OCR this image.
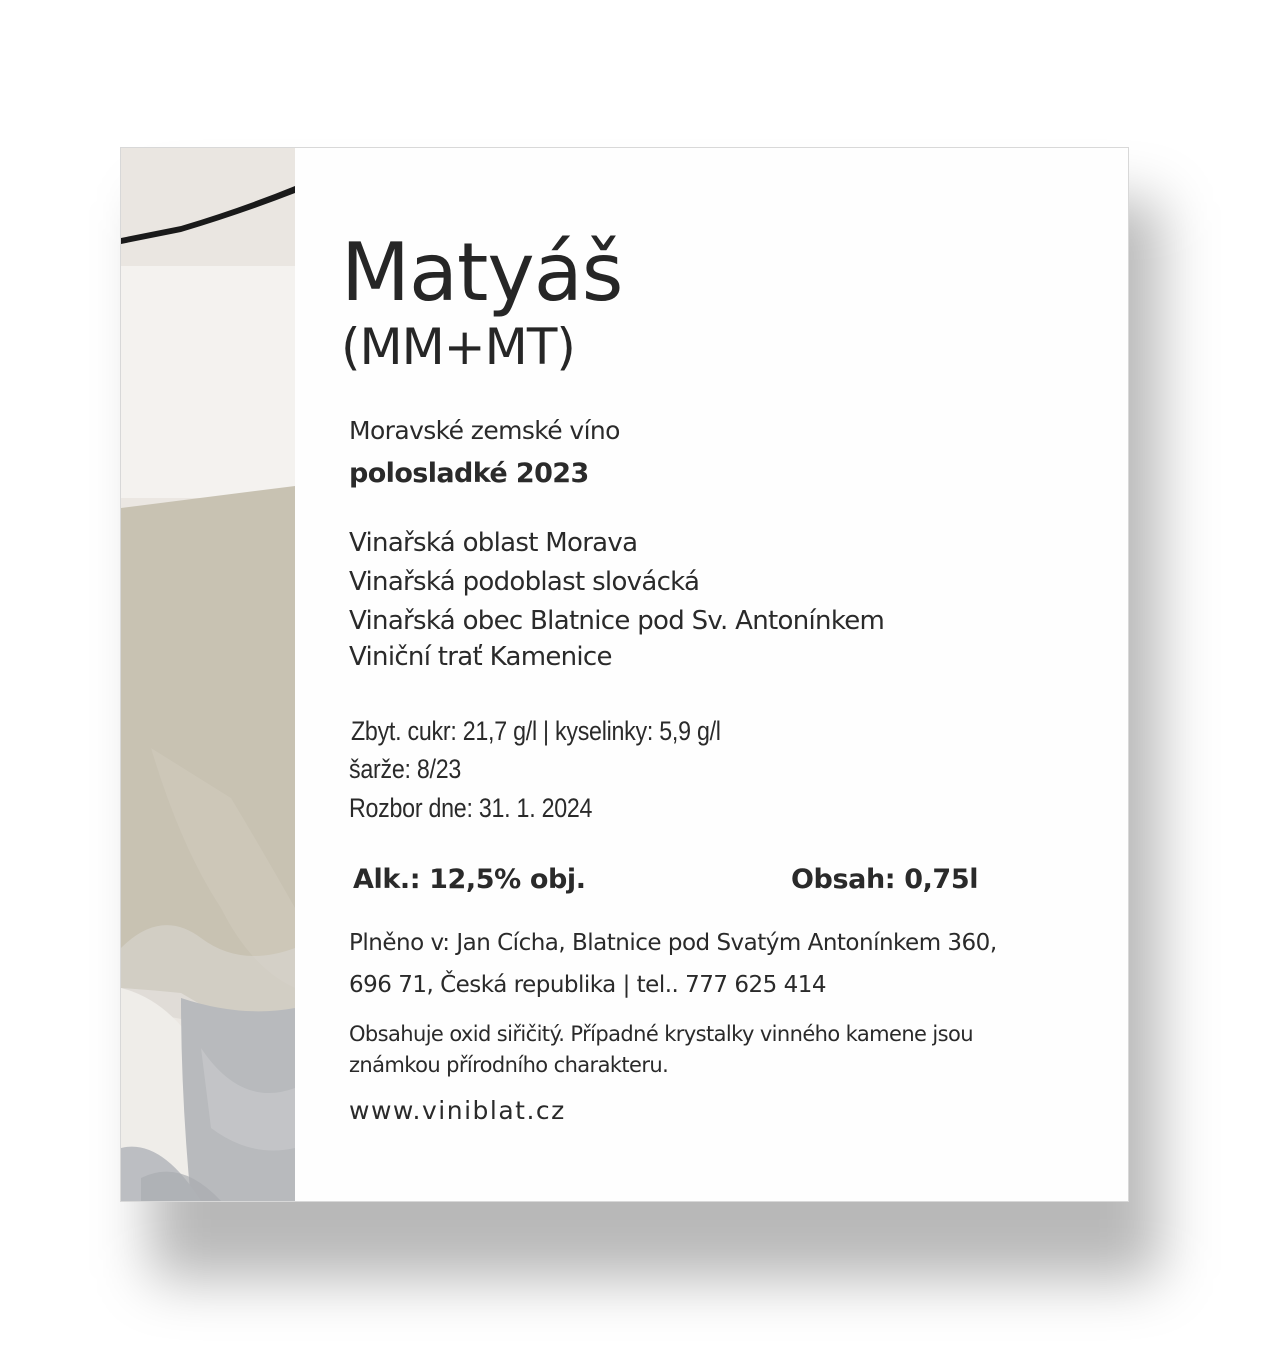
Matyáš
(MM+MT)
Moravské zemské víno
polosladké 2023
Vinařská oblast Morava
Vinařská podoblast slovácká
Vinařská obec Blatnice pod Sv. Antonínkem
Viniční trať Kamenice
Zbyt. cukr: 21,7 g/l | kyselinky: 5,9 g/l
šarže: 8/23
Rozbor dne: 31. 1. 2024
Alk.: 12,5% obj.	Obsah: 0,75l
Plněno v: Jan Cícha, Blatnice pod Svatým Antonínkem 360,
696 71, Česká republika | tel.. 777 625 414
Obsahuje oxid siřičitý. Případné krystalky vinného kamene jsou
známkou přírodního charakteru.
www.viniblat.cz
